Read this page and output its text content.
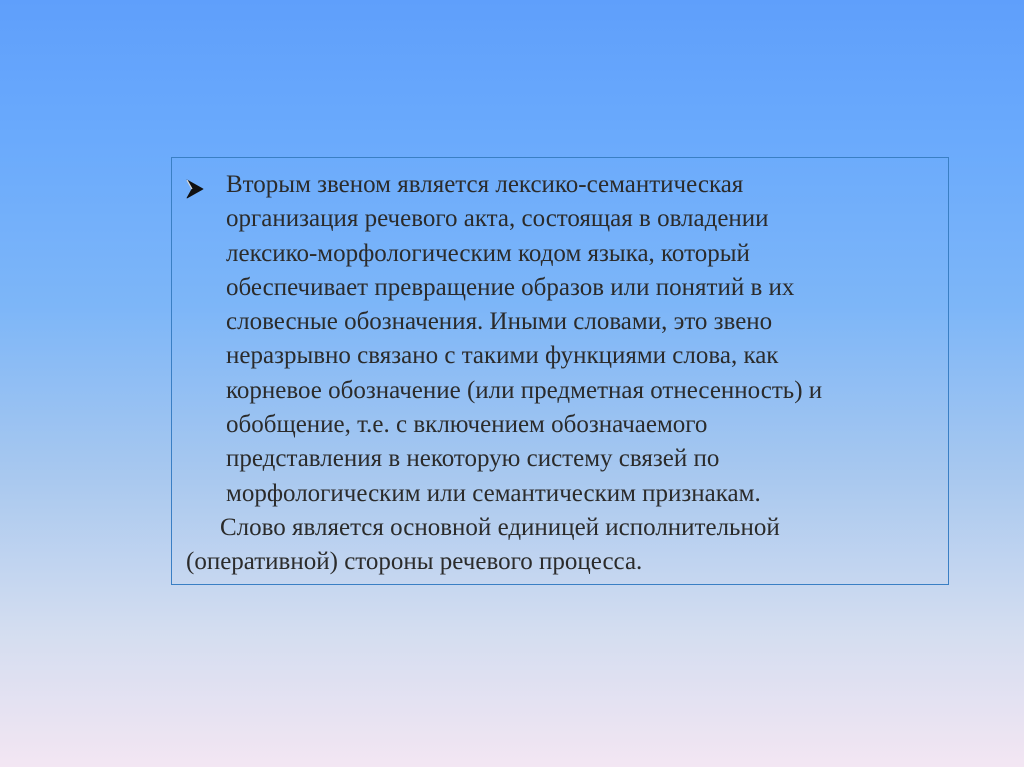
Вторым звеном является лексико-семантическая
организация речевого акта, состоящая в овладении
лексико-морфологическим кодом языка, который
обеспечивает превращение образов или понятий в их
словесные обозначения. Иными словами, это звено
неразрывно связано с такими функциями слова, как
корневое обозначение (или предметная отнесенность) и
обобщение, т.е. с включением обозначаемого
представления в некоторую систему связей по
морфологическим или семантическим признакам.

Слово является основной единицей исполнительной
(оперативной) стороны речевого процесса.
